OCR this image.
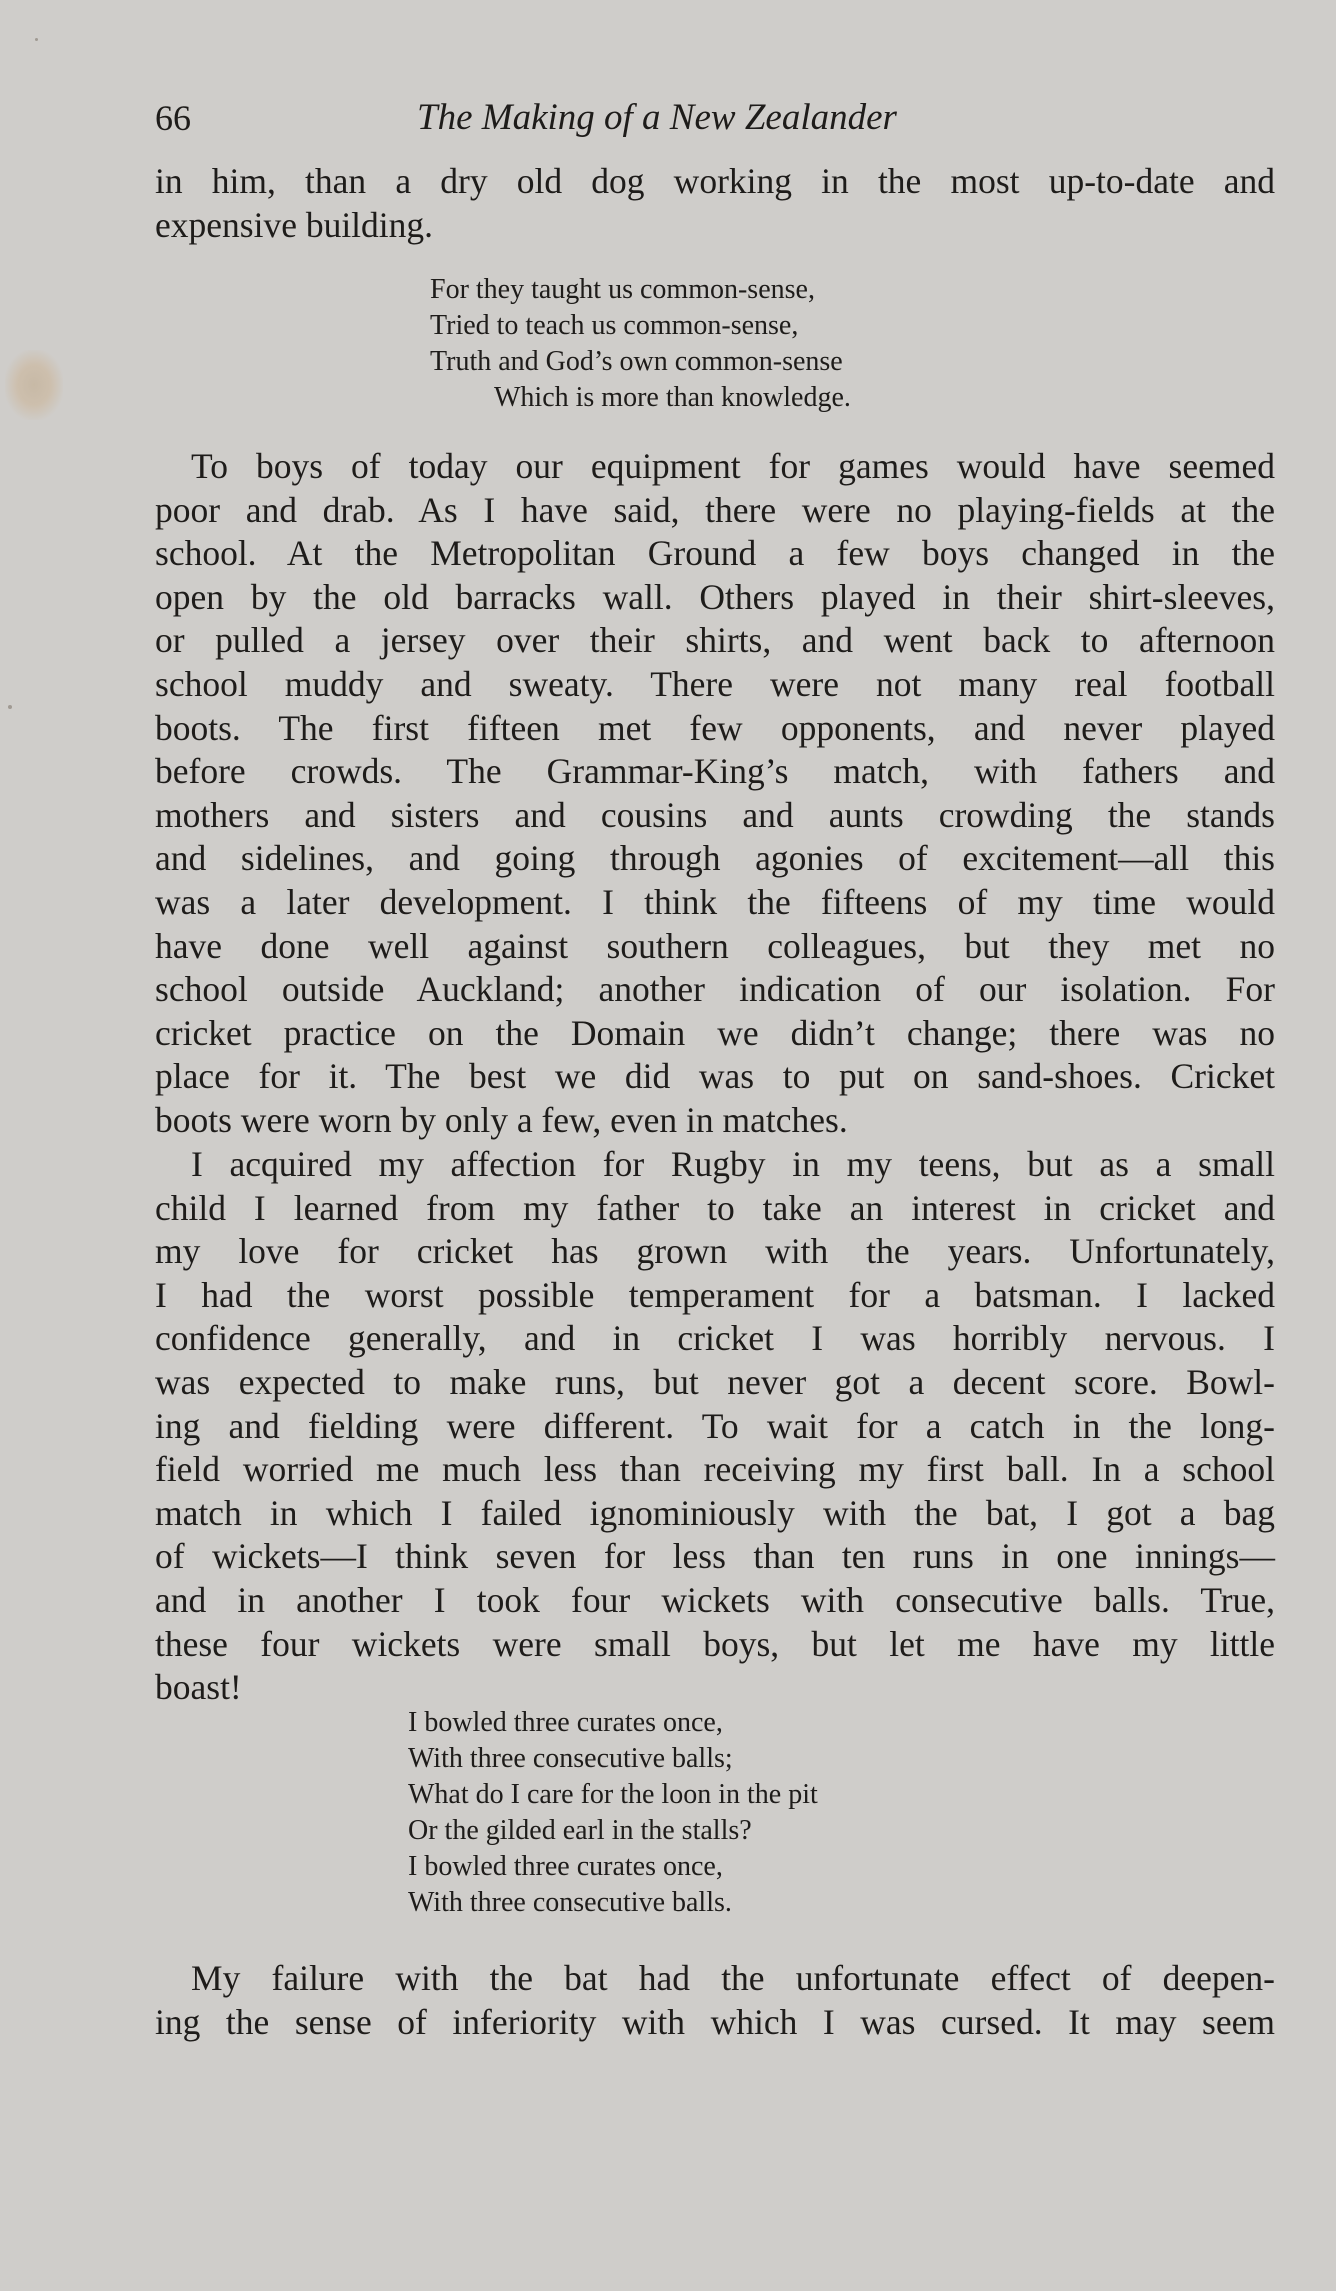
66	The Making of a New Zealander
in him, than a dry old dog working in the most up-to-date and
expensive building.
For they taught us common-sense,
Tried to teach us common-sense,
Truth and God’s own common-sense
Which is more than knowledge.
To boys of today our equipment for games would have seemed
poor and drab. As I have said, there were no playing-fields at the
school. At the Metropolitan Ground a few boys changed in the
open by the old barracks wall. Others played in their shirt-sleeves,
or pulled a jersey over their shirts, and went back to afternoon
school muddy and sweaty. There were not many real football
boots. The first fifteen met few opponents, and never played
before crowds. The Grammar-King’s match, with fathers and
mothers and sisters and cousins and aunts crowding the stands
and sidelines, and going through agonies of excitement—all this
was a later development. I think the fifteens of my time would
have done well against southern colleagues, but they met no
school outside Auckland; another indication of our isolation. For
cricket practice on the Domain we didn’t change; there was no
place for it. The best we did was to put on sand-shoes. Cricket
boots were worn by only a few, even in matches.
I acquired my affection for Rugby in my teens, but as a small
child I learned from my father to take an interest in cricket and
my love for cricket has grown with the years. Unfortunately,
I had the worst possible temperament for a batsman. I lacked
confidence generally, and in cricket I was horribly nervous. I
was expected to make runs, but never got a decent score. Bowl-
ing and fielding were different. To wait for a catch in the long-
field worried me much less than receiving my first ball. In a school
match in which I failed ignominiously with the bat, I got a bag
of wickets—I think seven for less than ten runs in one innings—
and in another I took four wickets with consecutive balls. True,
these four wickets were small boys, but let me have my little
boast!
I bowled three curates once,
With three consecutive balls;
What do I care for the loon in the pit
Or the gilded earl in the stalls?
I bowled three curates once,
With three consecutive balls.
My failure with the bat had the unfortunate effect of deepen-
ing the sense of inferiority with which I was cursed. It may seem
